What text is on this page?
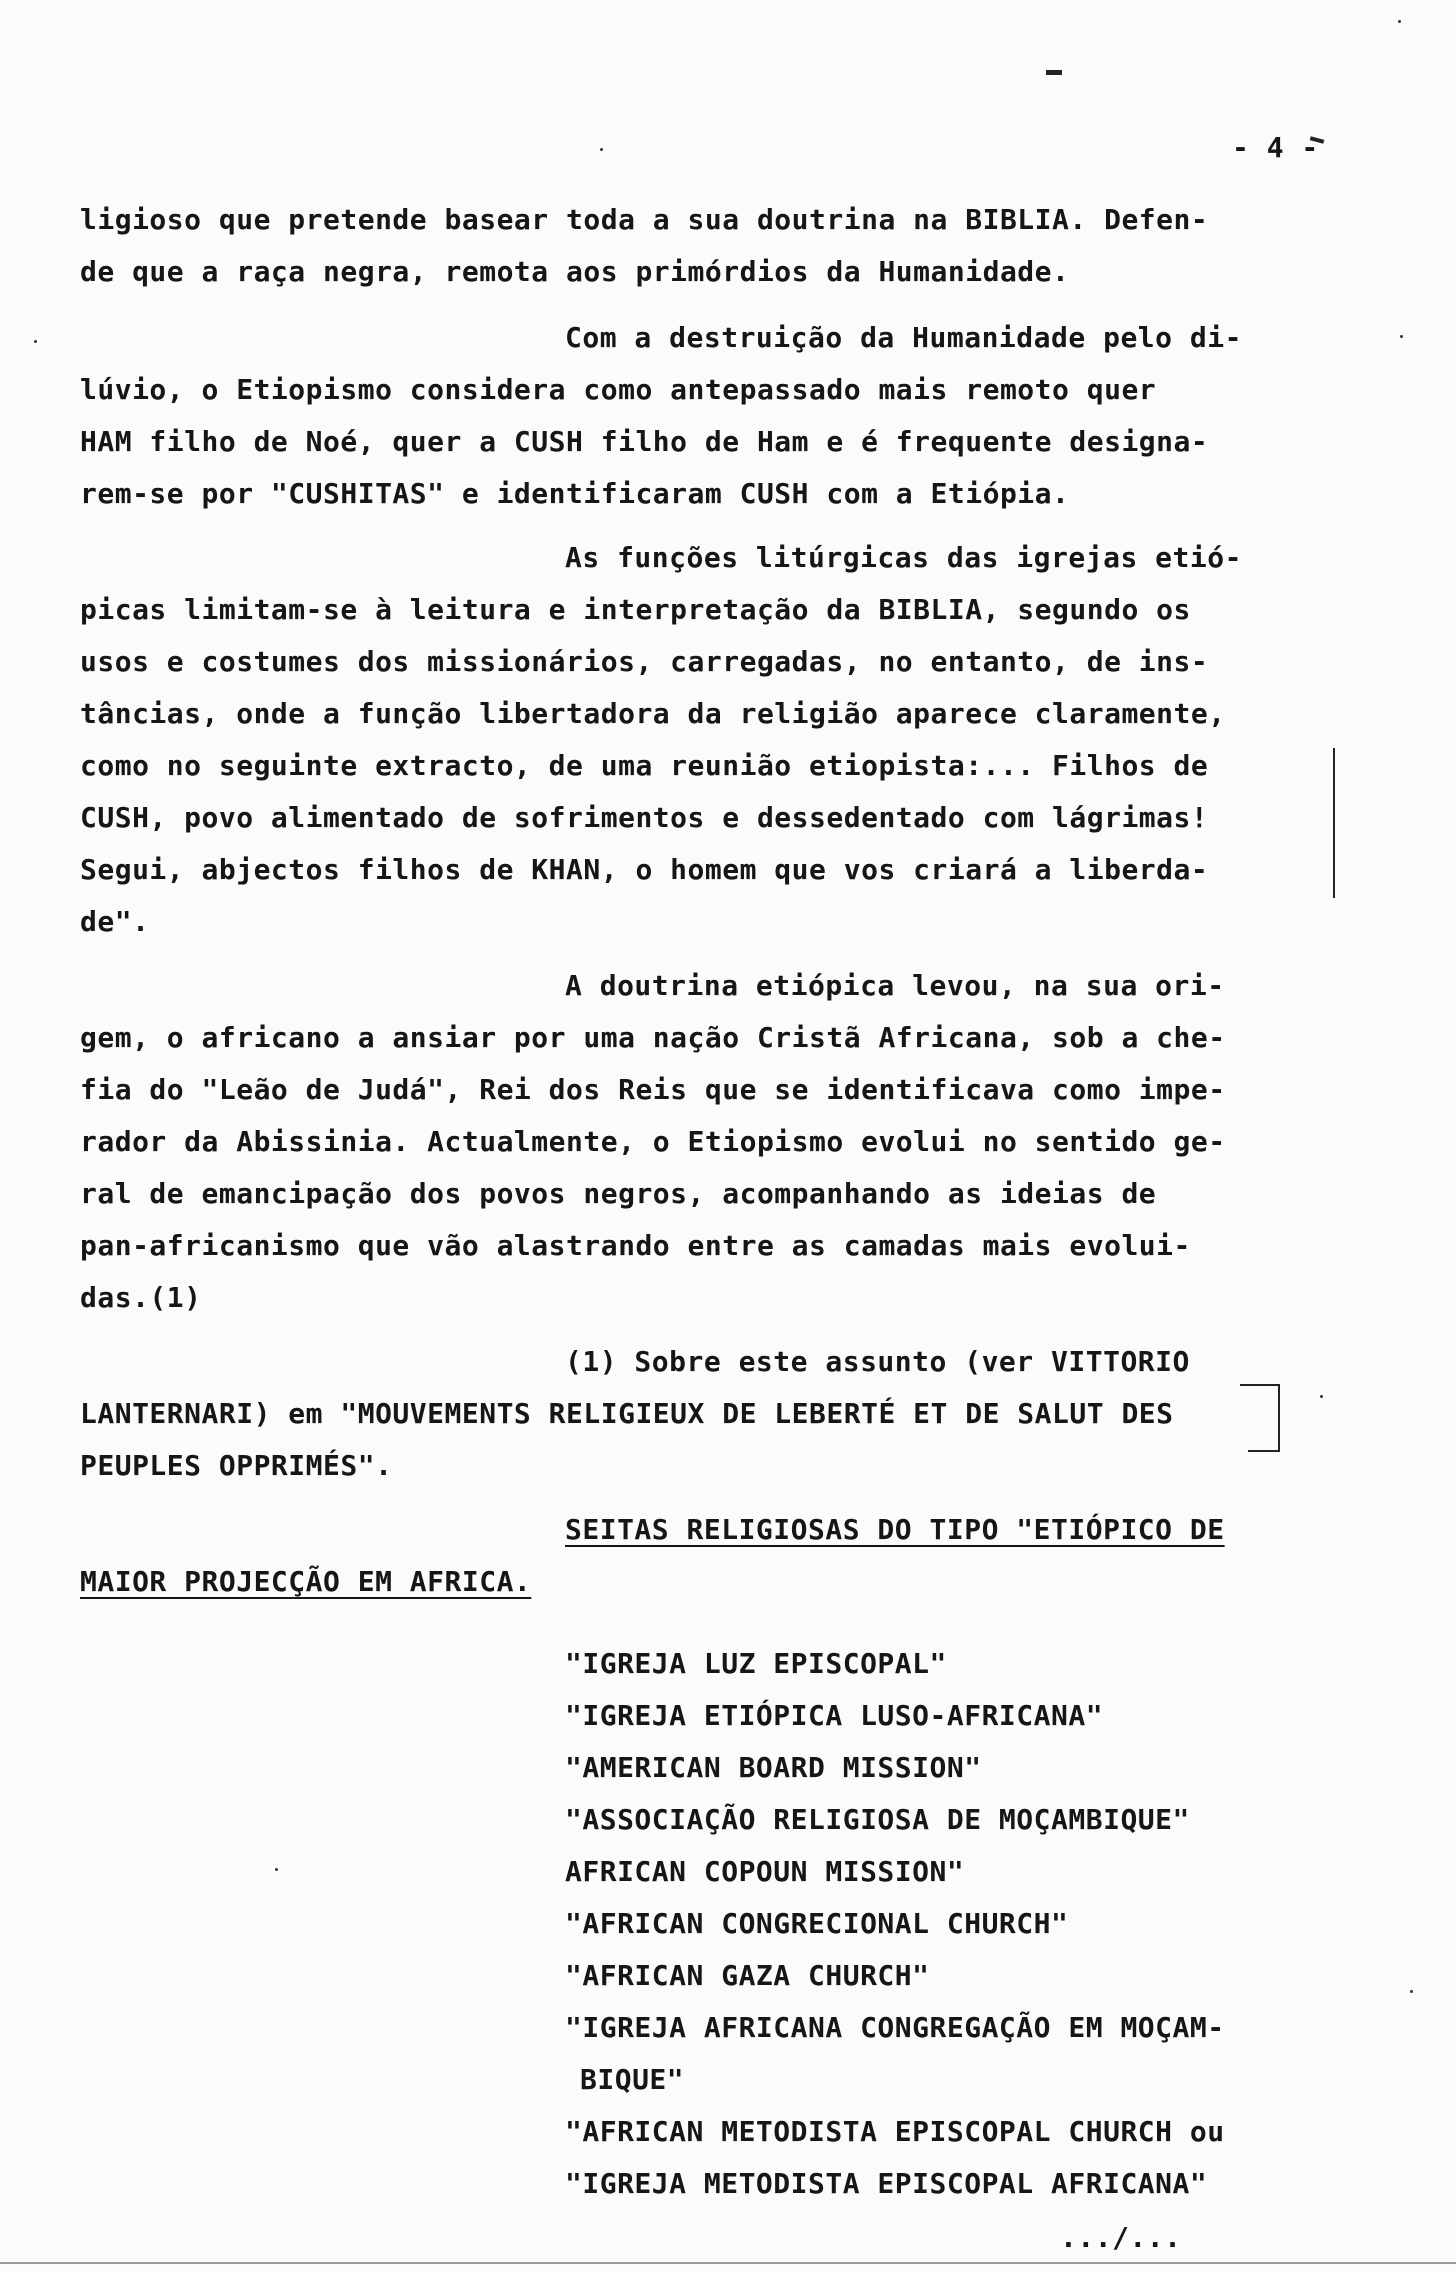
- 4 -
ligioso que pretende basear toda a sua doutrina na BIBLIA. Defen-
de que a raça negra, remota aos primórdios da Humanidade.
Com a destruição da Humanidade pelo di-
lúvio, o Etiopismo considera como antepassado mais remoto quer
HAM filho de Noé, quer a CUSH filho de Ham e é frequente designa-
rem-se por "CUSHITAS" e identificaram CUSH com a Etiópia.
As funções litúrgicas das igrejas etió-
picas limitam-se à leitura e interpretação da BIBLIA, segundo os
usos e costumes dos missionários, carregadas, no entanto, de ins-
tâncias, onde a função libertadora da religião aparece claramente,
como no seguinte extracto, de uma reunião etiopista:... Filhos de
CUSH, povo alimentado de sofrimentos e dessedentado com lágrimas!
Segui, abjectos filhos de KHAN, o homem que vos criará a liberda-
de".
A doutrina etiópica levou, na sua ori-
gem, o africano a ansiar por uma nação Cristã Africana, sob a che-
fia do "Leão de Judá", Rei dos Reis que se identificava como impe-
rador da Abissinia. Actualmente, o Etiopismo evolui no sentido ge-
ral de emancipação dos povos negros, acompanhando as ideias de
pan-africanismo que vão alastrando entre as camadas mais evolui-
das.(1)
(1) Sobre este assunto (ver VITTORIO
LANTERNARI) em "MOUVEMENTS RELIGIEUX DE LEBERTÉ ET DE SALUT DES
PEUPLES OPPRIMÉS".
SEITAS RELIGIOSAS DO TIPO "ETIÓPICO DE
MAIOR PROJECÇÃO EM AFRICA.
"IGREJA LUZ EPISCOPAL"
"IGREJA ETIÓPICA LUSO-AFRICANA"
"AMERICAN BOARD MISSION"
"ASSOCIAÇÃO RELIGIOSA DE MOÇAMBIQUE"
AFRICAN COPOUN MISSION"
"AFRICAN CONGRECIONAL CHURCH"
"AFRICAN GAZA CHURCH"
"IGREJA AFRICANA CONGREGAÇÃO EM MOÇAM-
BIQUE"
"AFRICAN METODISTA EPISCOPAL CHURCH ou
"IGREJA METODISTA EPISCOPAL AFRICANA"
.../...
